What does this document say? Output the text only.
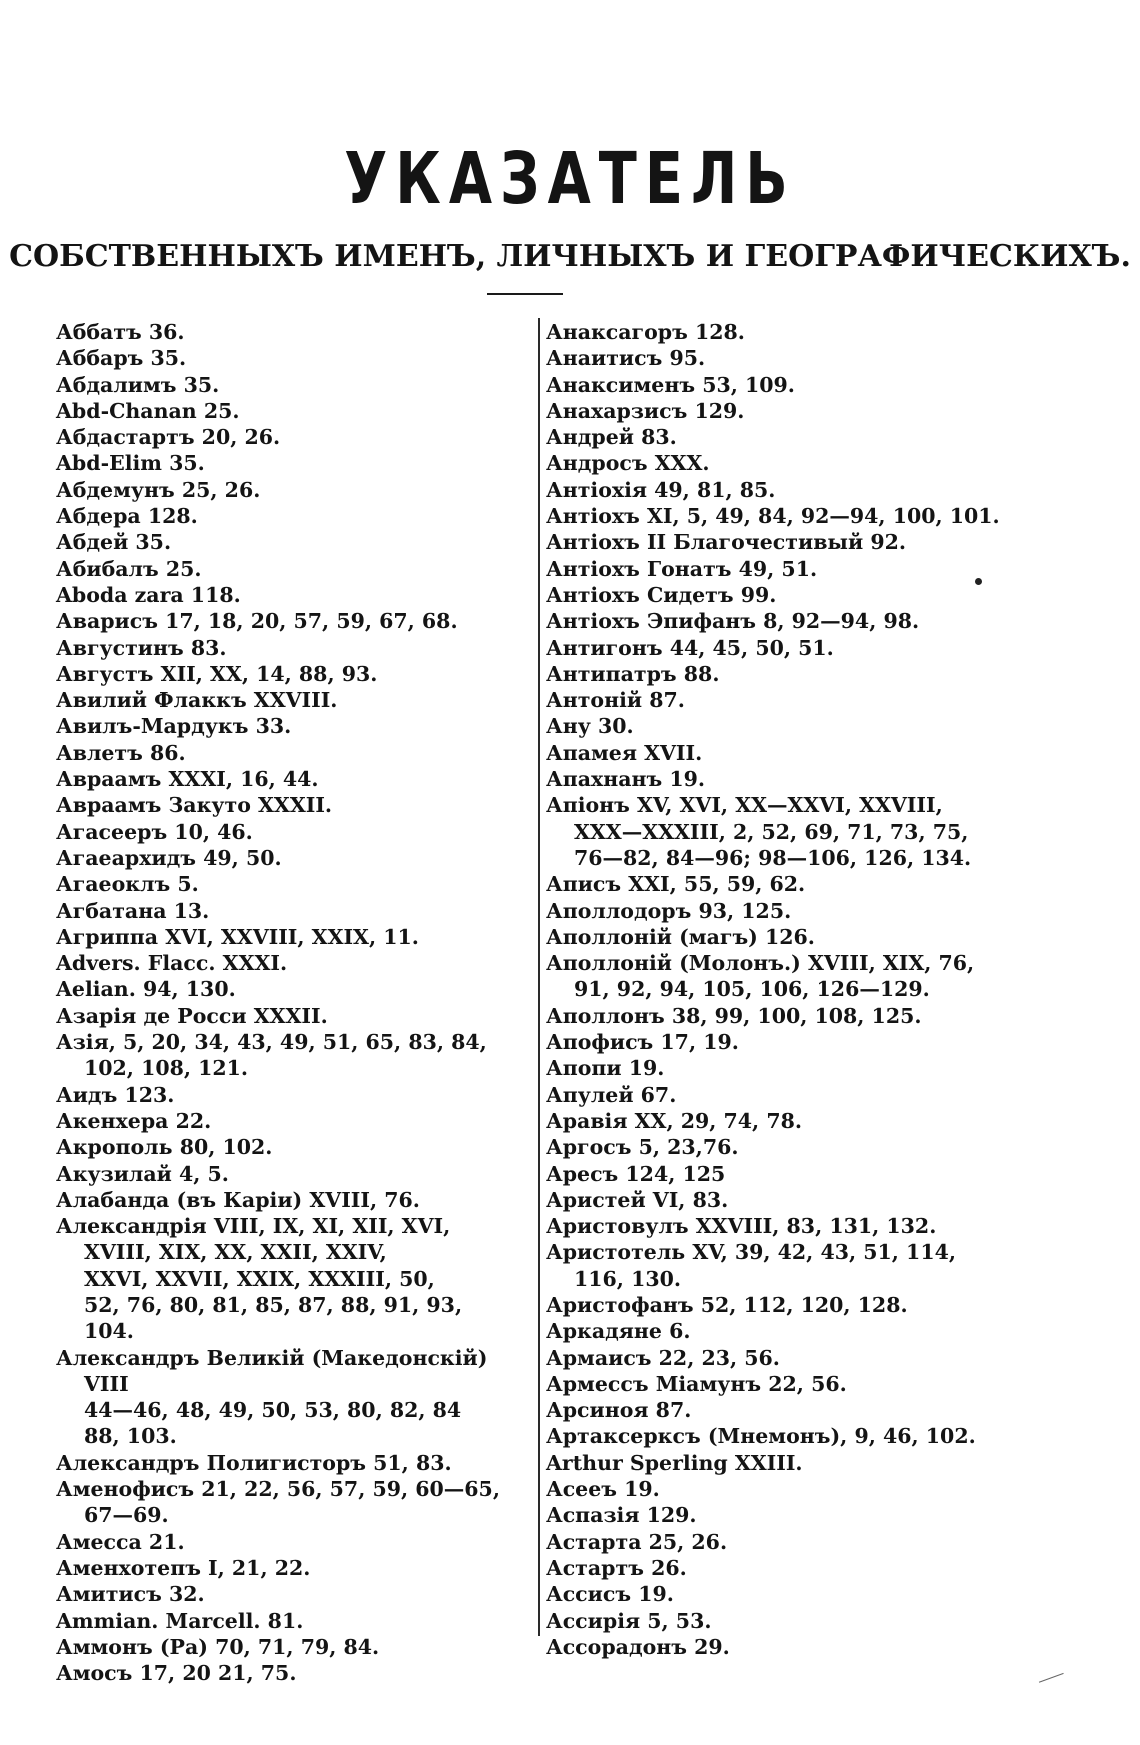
УКАЗАТЕЛЬ
СОБСТВЕННЫХЪ ИМЕНЪ, ЛИЧНЫХЪ И ГЕОГРАФИЧЕСКИХЪ.

Аббатъ 36.

Аббаръ 35.

Абдалимъ 35.

Abd-Chanan 25.

Абдастартъ 20, 26.

Abd-Elim 35.

Абдемунъ 25, 26.

Абдера 128.

Абдей 35.

Абибалъ 25.

Aboda zara 118.

Аварисъ 17, 18, 20, 57, 59, 67, 68.

Августинъ 83.

Августъ XII, XX, 14, 88, 93.

Авилий Флаккъ XXVIII.

Авилъ-Мардукъ 33.

Авлетъ 86.

Авраамъ XXXI, 16, 44.

Авраамъ Закуто XXXII.

Агасееръ 10, 46.

Агаеархидъ 49, 50.

Агаеоклъ 5.

Агбатана 13.

Агриппа XVI, XXVIII, XXIX, 11.

Advers. Flacc. XXXI.

Aelian. 94, 130.

Азарія де Росси XXXII.

Азія, 5, 20, 34, 43, 49, 51, 65, 83, 84,
102, 108, 121.

Аидъ 123.

Акенхера 22.

Акрополь 80, 102.

Акузилай 4, 5.

Алабанда (въ Каріи) XVIII, 76.

Александрія VIII, IX, XI, XII, XVI,
XVIII, XIX, XX, XXII, XXIV,
XXVI, XXVII, XXIX, XXXIII, 50,
52, 76, 80, 81, 85, 87, 88, 91, 93,
104.

Александръ Великій (Македонскій) VIII
44—46, 48, 49, 50, 53, 80, 82, 84
88, 103.

Александръ Полигисторъ 51, 83.

Аменофисъ 21, 22, 56, 57, 59, 60—65,
67—69.

Амесса 21.

Аменхотепъ I, 21, 22.

Амитисъ 32.

Ammian. Marcell. 81.

Аммонъ (Ра) 70, 71, 79, 84.

Амосъ 17, 20 21, 75.

Анаксагоръ 128.

Анаитисъ 95.

Анаксименъ 53, 109.

Анахарзисъ 129.

Андрей 83.

Андросъ XXX.

Антіохія 49, 81, 85.

Антіохъ XI, 5, 49, 84, 92—94, 100, 101.

Антіохъ II Благочестивый 92.

Антіохъ Гонатъ 49, 51.

Антіохъ Сидетъ 99.

Антіохъ Эпифанъ 8, 92—94, 98.

Антигонъ 44, 45, 50, 51.

Антипатръ 88.

Антоній 87.

Ану 30.

Апамея XVII.

Апахнанъ 19.

Апіонъ XV, XVI, XX—XXVI, XXVIII,
XXX—XXXIII, 2, 52, 69, 71, 73, 75,
76—82, 84—96; 98—106, 126, 134.

Аписъ XXI, 55, 59, 62.

Аполлодоръ 93, 125.

Аполлоній (магъ) 126.

Аполлоній (Молонъ.) XVIII, XIX, 76,
91, 92, 94, 105, 106, 126—129.

Аполлонъ 38, 99, 100, 108, 125.

Апофисъ 17, 19.

Апопи 19.

Апулей 67.

Аравія XX, 29, 74, 78.

Аргосъ 5, 23,76.

Аресъ 124, 125

Аристей VI, 83.

Аристовулъ XXVIII, 83, 131, 132.

Аристотель XV, 39, 42, 43, 51, 114,
116, 130.

Аристофанъ 52, 112, 120, 128.

Аркадяне 6.

Армаисъ 22, 23, 56.

Армессъ Міамунъ 22, 56.

Арсиноя 87.

Артаксерксъ (Мнемонъ), 9, 46, 102.

Arthur Sperling XXIII.

Асееъ 19.

Аспазія 129.

Астарта 25, 26.

Астартъ 26.

Ассисъ 19.

Ассирія 5, 53.

Ассорадонъ 29.
